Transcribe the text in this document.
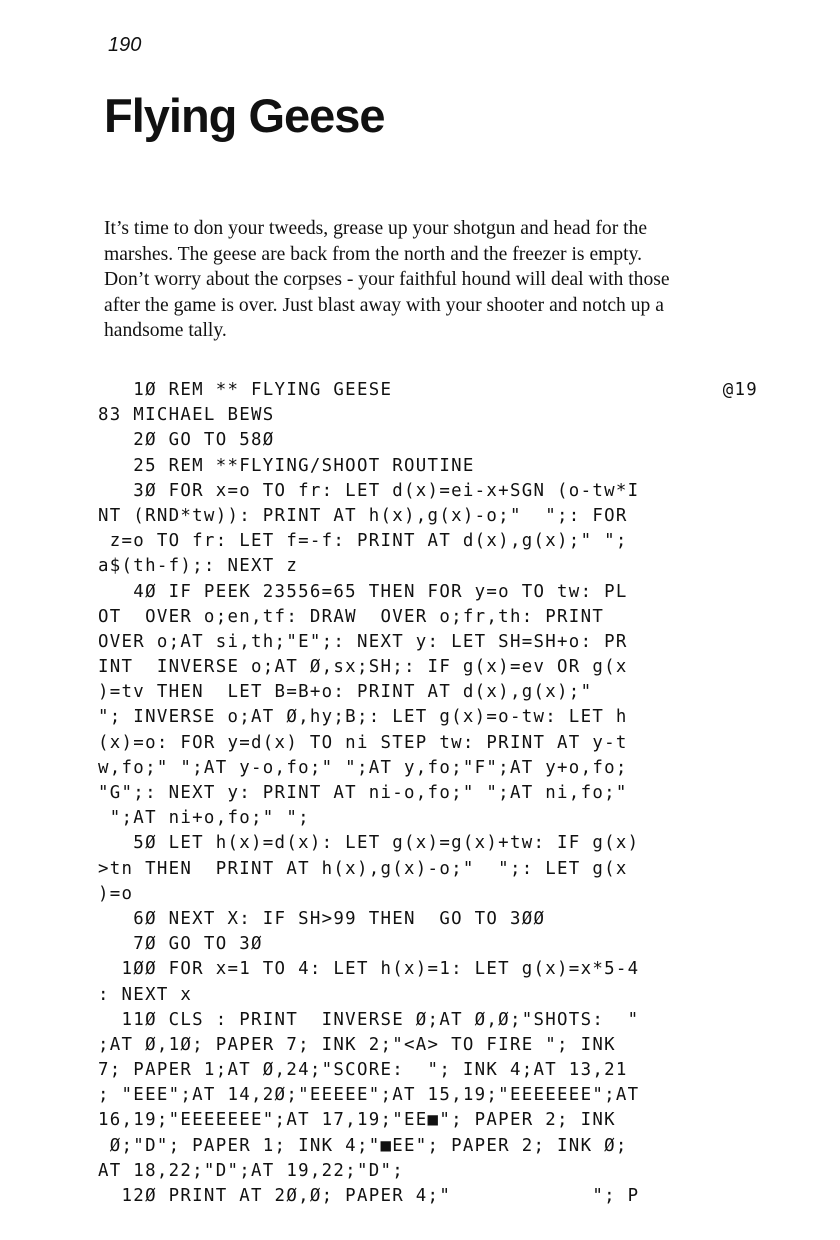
190
Flying Geese
It’s time to don your tweeds, grease up your shotgun and head for the
marshes. The geese are back from the north and the freezer is empty.
Don’t worry about the corpses - your faithful hound will deal with those
after the game is over. Just blast away with your shooter and notch up a
handsome tally.
1Ø REM ** FLYING GEESE	@19
83 MICHAEL BEWS
2Ø GO TO 58Ø
25 REM **FLYING/SHOOT ROUTINE
3Ø FOR x=o TO fr: LET d(x)=ei-x+SGN (o-tw*I
NT (RND*tw)): PRINT AT h(x),g(x)-o;"  ";: FOR
z=o TO fr: LET f=-f: PRINT AT d(x),g(x);" ";
a$(th-f);: NEXT z
4Ø IF PEEK 23556=65 THEN FOR y=o TO tw: PL
OT  OVER o;en,tf: DRAW  OVER o;fr,th: PRINT
OVER o;AT si,th;"E";: NEXT y: LET SH=SH+o: PR
INT  INVERSE o;AT Ø,sx;SH;: IF g(x)=ev OR g(x
)=tv THEN  LET B=B+o: PRINT AT d(x),g(x);"
"; INVERSE o;AT Ø,hy;B;: LET g(x)=o-tw: LET h
(x)=o: FOR y=d(x) TO ni STEP tw: PRINT AT y-t
w,fo;" ";AT y-o,fo;" ";AT y,fo;"F";AT y+o,fo;
"G";: NEXT y: PRINT AT ni-o,fo;" ";AT ni,fo;"
";AT ni+o,fo;" ";
5Ø LET h(x)=d(x): LET g(x)=g(x)+tw: IF g(x)
>tn THEN  PRINT AT h(x),g(x)-o;"  ";: LET g(x
)=o
6Ø NEXT X: IF SH>99 THEN  GO TO 3ØØ
7Ø GO TO 3Ø
1ØØ FOR x=1 TO 4: LET h(x)=1: LET g(x)=x*5-4
: NEXT x
11Ø CLS : PRINT  INVERSE Ø;AT Ø,Ø;"SHOTS:  "
;AT Ø,1Ø; PAPER 7; INK 2;"<A> TO FIRE "; INK
7; PAPER 1;AT Ø,24;"SCORE:  "; INK 4;AT 13,21
; "EEE";AT 14,2Ø;"EEEEE";AT 15,19;"EEEEEEE";AT
16,19;"EEEEEEE";AT 17,19;"EE■"; PAPER 2; INK
Ø;"D"; PAPER 1; INK 4;"■EE"; PAPER 2; INK Ø;
AT 18,22;"D";AT 19,22;"D";
12Ø PRINT AT 2Ø,Ø; PAPER 4;"            "; P
